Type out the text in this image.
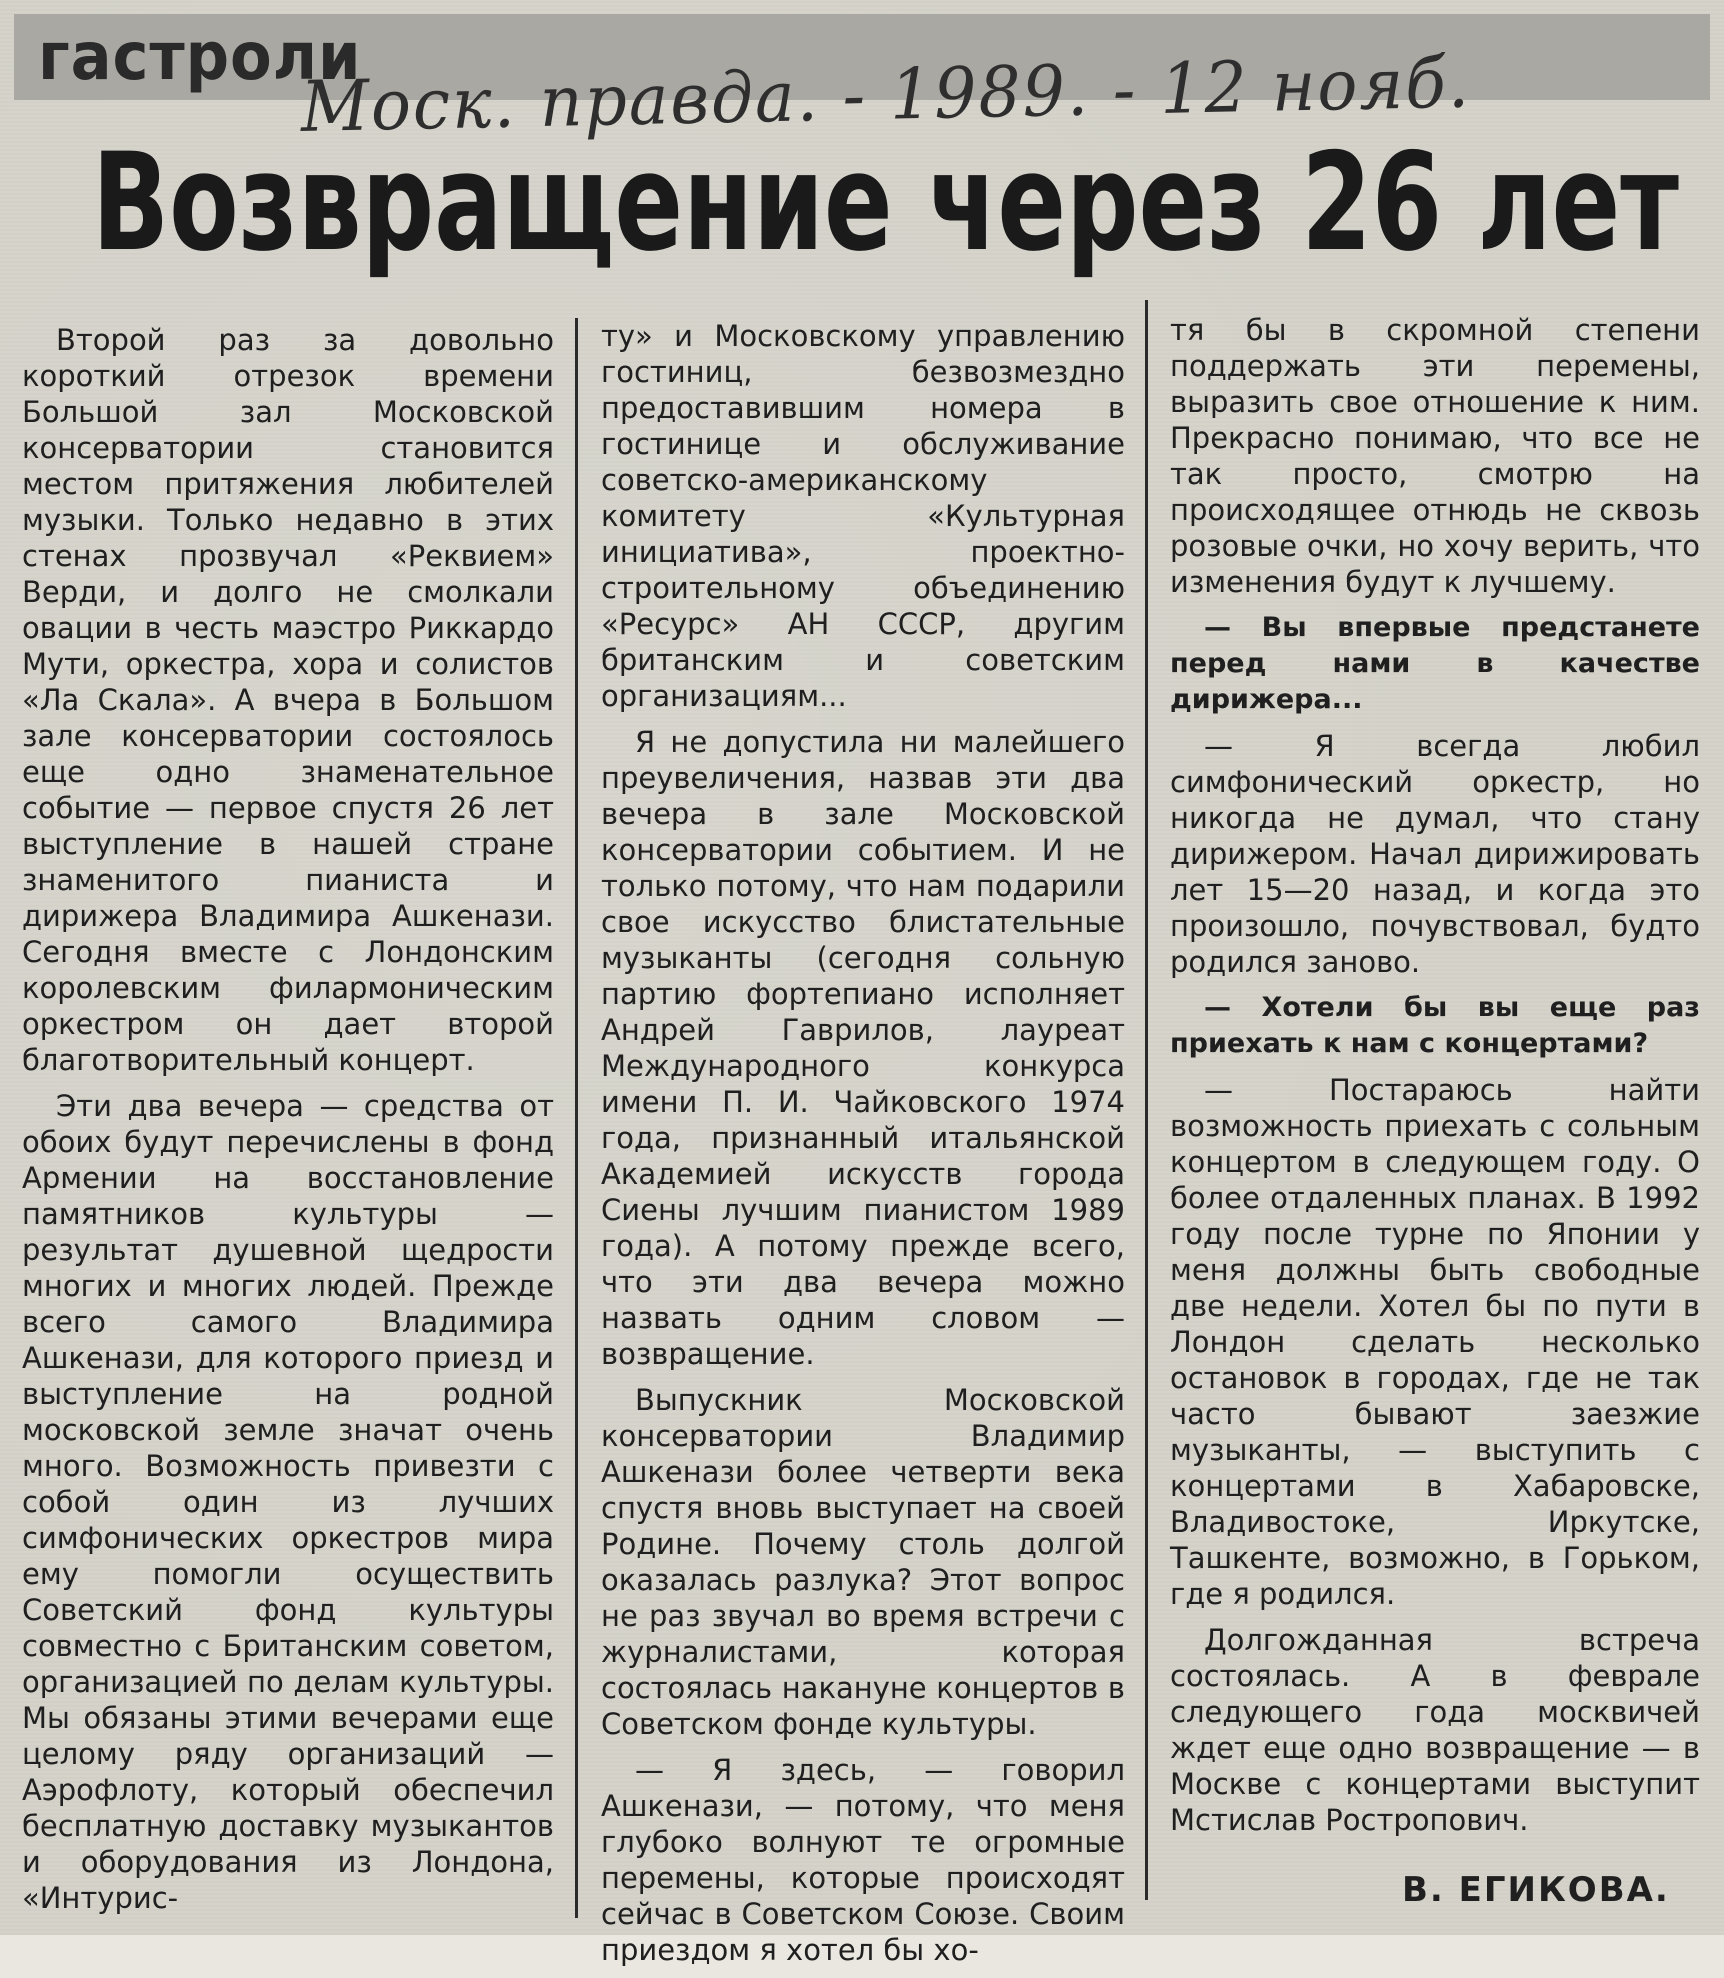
гастроли
Моск. правда. - 1989. - 12 нояб.
Возвращение через 26 лет

Второй раз за довольно короткий отрезок времени Большой зал Московской консерватории становится местом притяжения любителей музыки. Только недавно в этих стенах прозвучал «Реквием» Верди, и долго не смолкали овации в честь маэстро Риккардо Мути, оркестра, хора и солистов «Ла Скала». А вчера в Большом зале консерватории состоялось еще одно знаменательное событие — первое спустя 26 лет выступление в нашей стране знаменитого пианиста и дирижера Владимира Ашкенази. Сегодня вместе с Лондонским королевским филармоническим оркестром он дает второй благотворительный концерт.

Эти два вечера — средства от обоих будут перечислены в фонд Армении на восстановление памятников культуры — результат душевной щедрости многих и многих людей. Прежде всего самого Владимира Ашкенази, для которого приезд и выступление на родной московской земле значат очень много. Возможность привезти с собой один из лучших симфонических оркестров мира ему помогли осуществить Советский фонд культуры совместно с Британским советом, организацией по делам культуры. Мы обязаны этими вечерами еще целому ряду организаций — Аэрофлоту, который обеспечил бесплатную доставку музыкантов и оборудования из Лондона, «Интурис-

ту» и Московскому управлению гостиниц, безвозмездно предоставившим номера в гостинице и обслуживание советско-американскому комитету «Культурная инициатива», проектно-строительному объединению «Ресурс» АН СССР, другим британским и советским организациям...

Я не допустила ни малейшего преувеличения, назвав эти два вечера в зале Московской консерватории событием. И не только потому, что нам подарили свое искусство блистательные музыканты (сегодня сольную партию фортепиано исполняет Андрей Гаврилов, лауреат Международного конкурса имени П. И. Чайковского 1974 года, признанный итальянской Академией искусств города Сиены лучшим пианистом 1989 года). А потому прежде всего, что эти два вечера можно назвать одним словом — возвращение.

Выпускник Московской консерватории Владимир Ашкенази более четверти века спустя вновь выступает на своей Родине. Почему столь долгой оказалась разлука? Этот вопрос не раз звучал во время встречи с журналистами, которая состоялась накануне концертов в Советском фонде культуры.

— Я здесь, — говорил Ашкенази, — потому, что меня глубоко волнуют те огромные перемены, которые происходят сейчас в Советском Союзе. Своим приездом я хотел бы хо-

тя бы в скромной степени поддержать эти перемены, выразить свое отношение к ним. Прекрасно понимаю, что все не так просто, смотрю на происходящее отнюдь не сквозь розовые очки, но хочу верить, что изменения будут к лучшему.

— Вы впервые предстанете перед нами в качестве дирижера...

— Я всегда любил симфонический оркестр, но никогда не думал, что стану дирижером. Начал дирижировать лет 15—20 назад, и когда это произошло, почувствовал, будто родился заново.

— Хотели бы вы еще раз приехать к нам с концертами?

— Постараюсь найти возможность приехать с сольным концертом в следующем году. О более отдаленных планах. В 1992 году после турне по Японии у меня должны быть свободные две недели. Хотел бы по пути в Лондон сделать несколько остановок в городах, где не так часто бывают заезжие музыканты, — выступить с концертами в Хабаровске, Владивостоке, Иркутске, Ташкенте, возможно, в Горьком, где я родился.

Долгожданная встреча состоялась. А в феврале следующего года москвичей ждет еще одно возвращение — в Москве с концертами выступит Мстислав Ростропович.

В. ЕГИКОВА.
